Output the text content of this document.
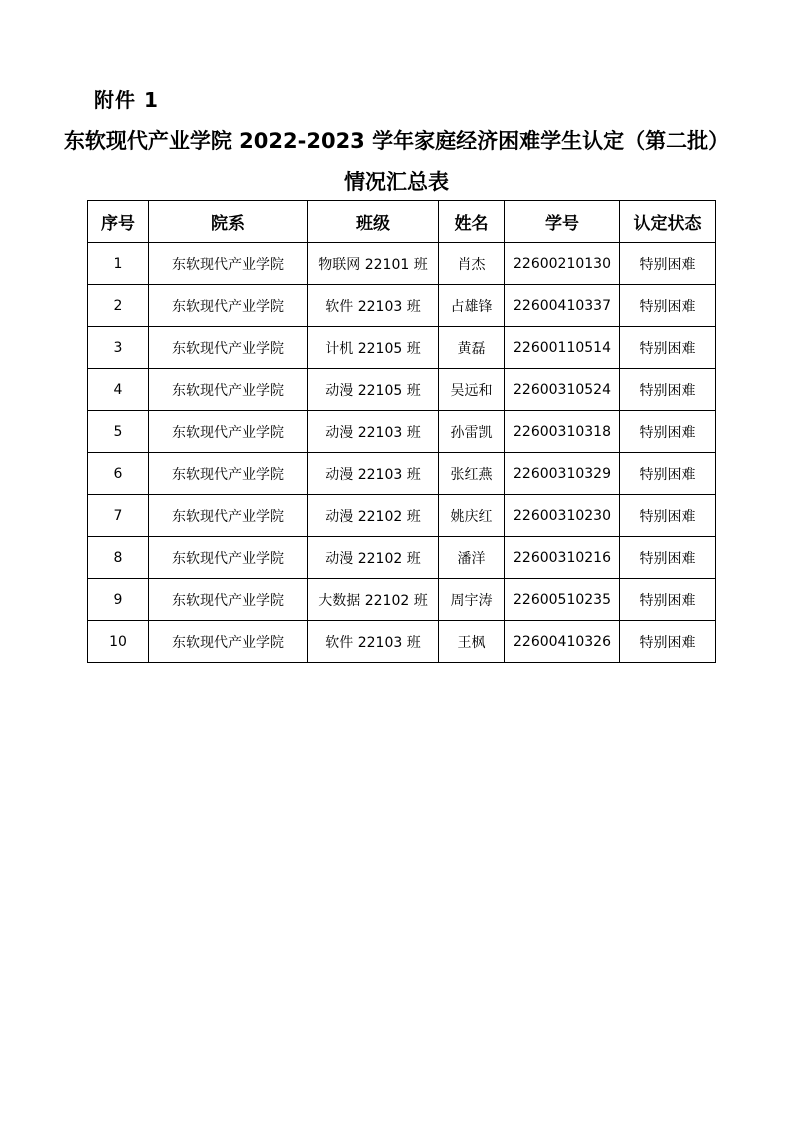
附件 1
东软现代产业学院 2022-2023 学年家庭经济困难学生认定（第二批）
情况汇总表
序号	院系	班级	姓名	学号	认定状态
1	东软现代产业学院	物联网 22101 班	肖杰	22600210130	特别困难
2	东软现代产业学院	软件 22103 班	占雄锋	22600410337	特别困难
3	东软现代产业学院	计机 22105 班	黄磊	22600110514	特别困难
4	东软现代产业学院	动漫 22105 班	吴远和	22600310524	特别困难
5	东软现代产业学院	动漫 22103 班	孙雷凯	22600310318	特别困难
6	东软现代产业学院	动漫 22103 班	张红燕	22600310329	特别困难
7	东软现代产业学院	动漫 22102 班	姚庆红	22600310230	特别困难
8	东软现代产业学院	动漫 22102 班	潘洋	22600310216	特别困难
9	东软现代产业学院	大数据 22102 班	周宇涛	22600510235	特别困难
10	东软现代产业学院	软件 22103 班	王枫	22600410326	特别困难
